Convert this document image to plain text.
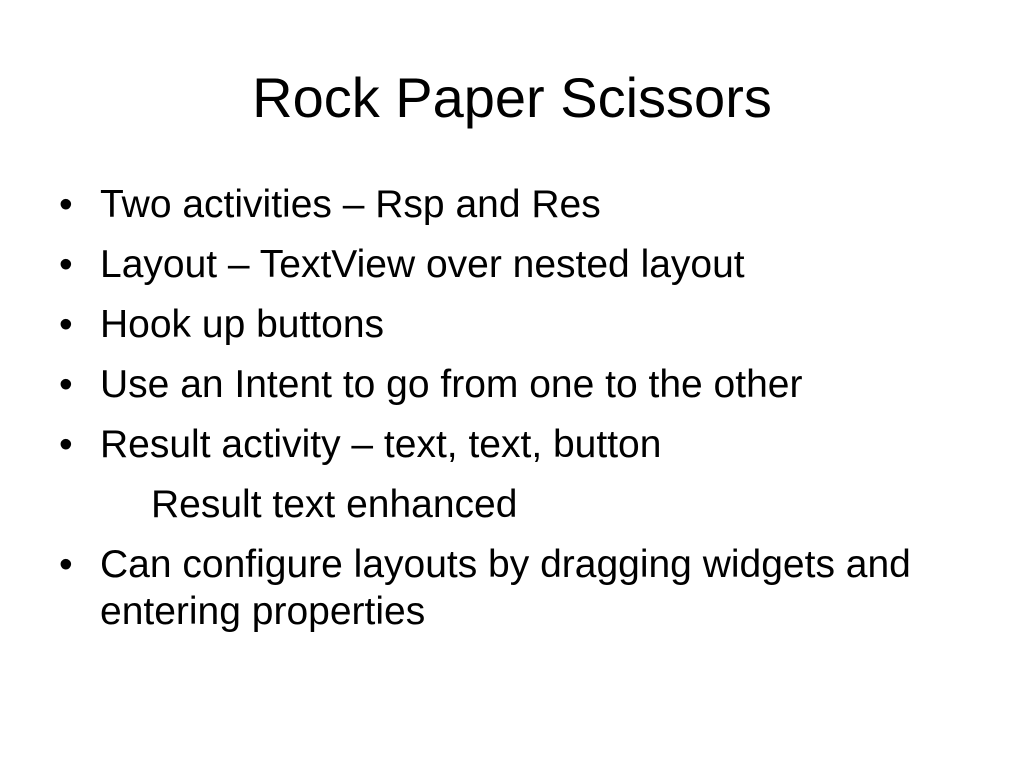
Rock Paper Scissors
• Two activities – Rsp and Res
• Layout – TextView over nested layout
• Hook up buttons
• Use an Intent to go from one to the other
• Result activity – text, text, button
Result text enhanced
• Can configure layouts by dragging widgets and entering properties
